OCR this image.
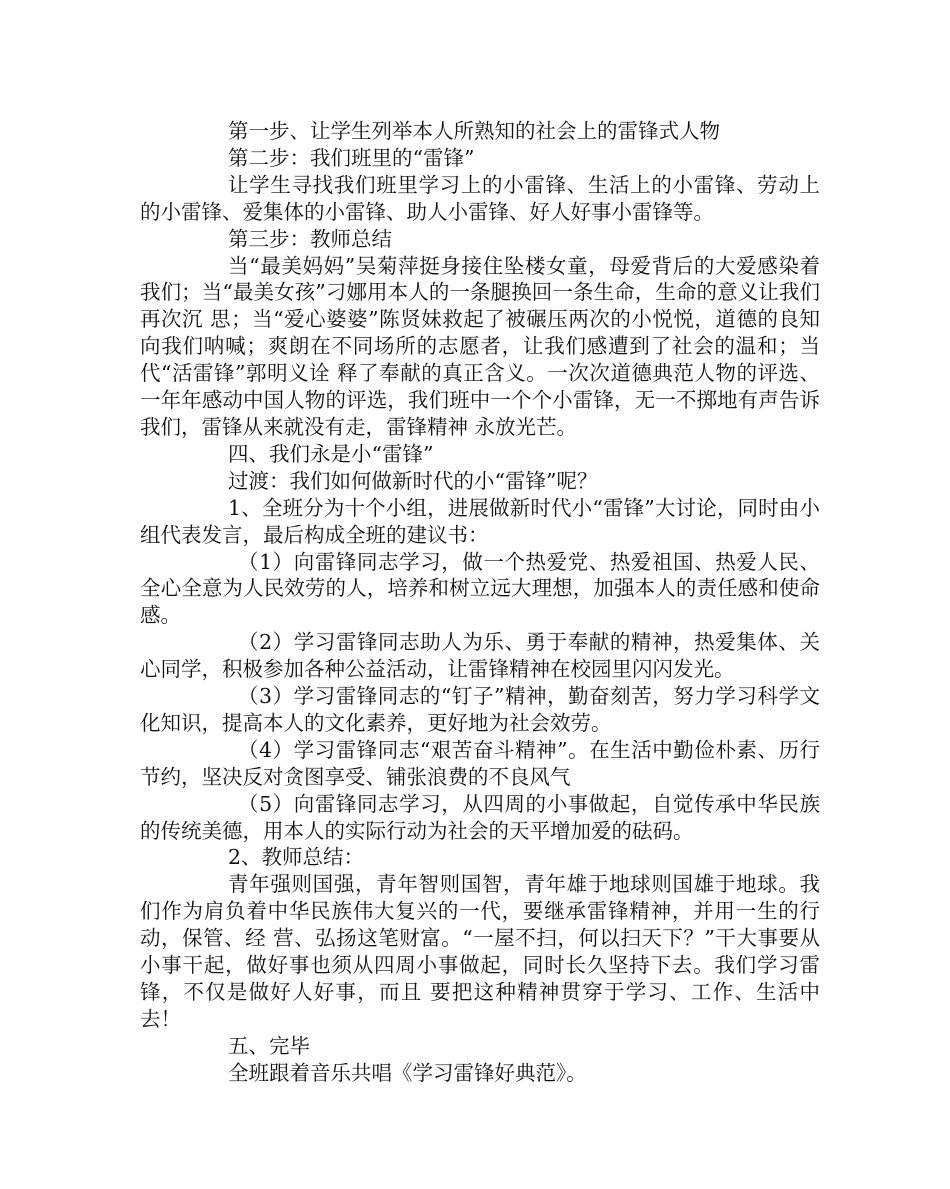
第一步、让学生列举本人所熟知的社会上的雷锋式人物

第二步：我们班里的“雷锋”

让学生寻找我们班里学习上的小雷锋、生活上的小雷锋、劳动上的小雷锋、爱集体的小雷锋、助人小雷锋、好人好事小雷锋等。

第三步：教师总结

当“最美妈妈”吴菊萍挺身接住坠楼女童，母爱背后的大爱感染着我们；当“最美女孩”刁娜用本人的一条腿换回一条生命，生命的意义让我们再次沉 思；当“爱心婆婆”陈贤妹救起了被碾压两次的小悦悦，道德的良知向我们呐喊；爽朗在不同场所的志愿者，让我们感遭到了社会的温和；当代“活雷锋”郭明义诠 释了奉献的真正含义。一次次道德典范人物的评选、一年年感动中国人物的评选，我们班中一个个小雷锋，无一不掷地有声告诉我们，雷锋从来就没有走，雷锋精神 永放光芒。

四、我们永是小“雷锋”

过渡：我们如何做新时代的小“雷锋”呢？

1、全班分为十个小组，进展做新时代小“雷锋”大讨论，同时由小组代表发言，最后构成全班的建议书：

（1）向雷锋同志学习，做一个热爱党、热爱祖国、热爱人民、全心全意为人民效劳的人，培养和树立远大理想，加强本人的责任感和使命感。

（2）学习雷锋同志助人为乐、勇于奉献的精神，热爱集体、关心同学，积极参加各种公益活动，让雷锋精神在校园里闪闪发光。

（3）学习雷锋同志的“钉子”精神，勤奋刻苦，努力学习科学文化知识，提高本人的文化素养，更好地为社会效劳。

（4）学习雷锋同志“艰苦奋斗精神”。在生活中勤俭朴素、历行节约，坚决反对贪图享受、铺张浪费的不良风气

（5）向雷锋同志学习，从四周的小事做起，自觉传承中华民族的传统美德，用本人的实际行动为社会的天平增加爱的砝码。

2、教师总结：

青年强则国强，青年智则国智，青年雄于地球则国雄于地球。我们作为肩负着中华民族伟大复兴的一代，要继承雷锋精神，并用一生的行动，保管、经 营、弘扬这笔财富。“一屋不扫，何以扫天下？”干大事要从小事干起，做好事也须从四周小事做起，同时长久坚持下去。我们学习雷锋，不仅是做好人好事，而且 要把这种精神贯穿于学习、工作、生活中去！

五、完毕

全班跟着音乐共唱《学习雷锋好典范》。
